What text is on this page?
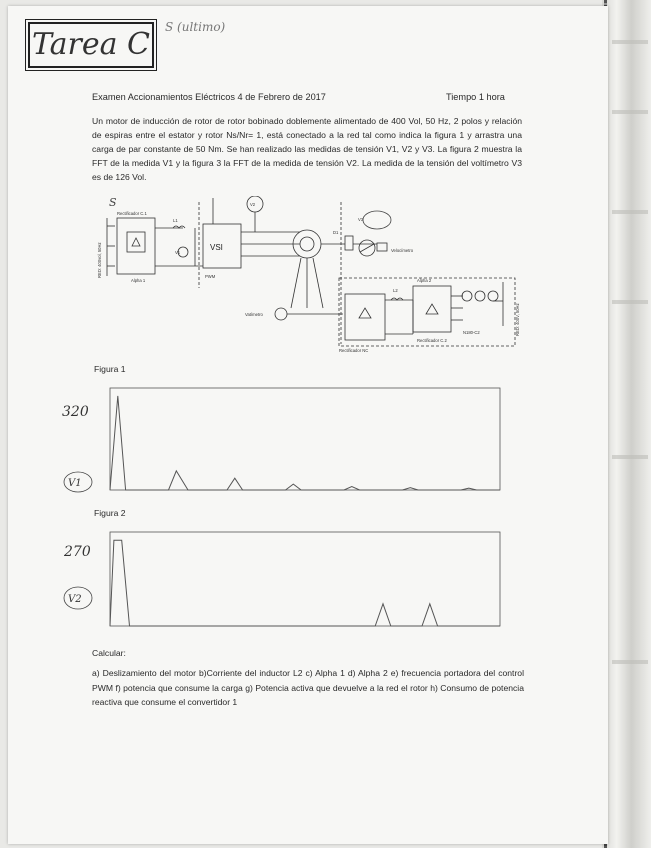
Tarea C	S (ultimo)
Examen Accionamientos Eléctricos 4 de Febrero de 2017	Tiempo 1 hora
Un motor de inducción de rotor de rotor bobinado doblemente alimentado de 400 Vol, 50 Hz, 2 polos y relación de espiras entre el estator y rotor Ns/Nr= 1, está conectado a la red tal como indica la figura 1 y arrastra una carga de par constante de 50 Nm. Se han realizado las medidas de tensión V1, V2 y V3. La figura 2 muestra la FFT de la medida V1 y la figura 3 la FFT de la medida de tensión V2. La medida de la tensión del voltímetro V3 es de 126 Vol.
Rectificador C.1
L1
VSI
PWM
V1
V2
V3
Alpha 1	Alpha 2
L2
D1
Velocímetro
Vatímetro
Rectificador NC
Rectificador C.2
N180-C2
RED: 400vol, 50Hz
RED: 400V, 50Hz
S
Figura 1
Figura 2
320
V1
270
V2
Calcular:
a) Deslizamiento del motor b)Corriente del inductor L2 c) Alpha 1 d) Alpha 2 e) frecuencia portadora del control PWM f) potencia que consume la carga g) Potencia activa que devuelve a la red el rotor h) Consumo de potencia reactiva que consume el convertidor 1
